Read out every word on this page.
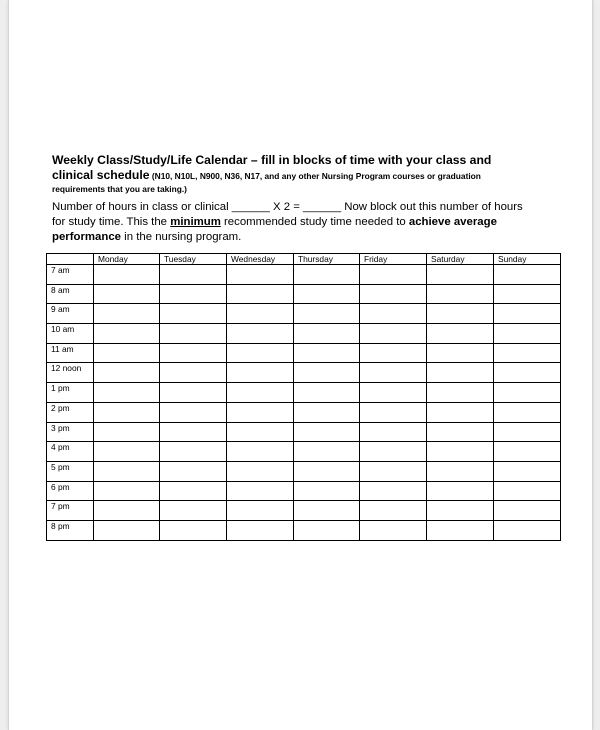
Weekly Class/Study/Life Calendar – fill in blocks of time with your class and
clinical schedule (N10, N10L, N900, N36, N17, and any other Nursing Program courses or graduation
requirements that you are taking.)
Number of hours in class or clinical ______ X 2 = ______ Now block out this number of hours
for study time. This the minimum recommended study time needed to achieve average
performance in the nursing program.
	Monday	Tuesday	Wednesday	Thursday	Friday	Saturday	Sunday
7 am							
8 am							
9 am							
10 am							
11 am							
12 noon							
1 pm							
2 pm							
3 pm							
4 pm							
5 pm							
6 pm							
7 pm							
8 pm							
